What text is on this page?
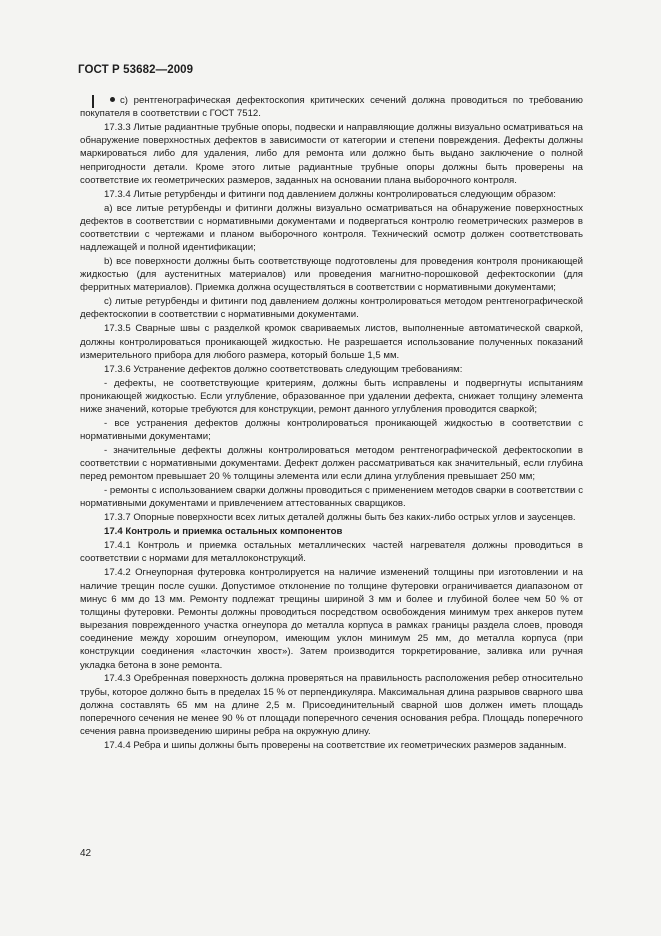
ГОСТ Р 53682—2009

с) рентгенографическая дефектоскопия критических сечений должна проводиться по требованию покупателя в соответствии с ГОСТ 7512.

17.3.3 Литые радиантные трубные опоры, подвески и направляющие должны визуально осматриваться на обнаружение поверхностных дефектов в зависимости от категории и степени повреждения. Дефекты должны маркироваться либо для удаления, либо для ремонта или должно быть выдано заключение о полной непригодности детали. Кроме этого литые радиантные трубные опоры должны быть проверены на соответствие их геометрических размеров, заданных на основании плана выборочного контроля.

17.3.4 Литые ретурбенды и фитинги под давлением должны контролироваться следующим образом:

а) все литые ретурбенды и фитинги должны визуально осматриваться на обнаружение поверхностных дефектов в соответствии с нормативными документами и подвергаться контролю геометрических размеров в соответствии с чертежами и планом выборочного контроля. Технический осмотр должен соответствовать надлежащей и полной идентификации;

b) все поверхности должны быть соответствующе подготовлены для проведения контроля проникающей жидкостью (для аустенитных материалов) или проведения магнитно-порошковой дефектоскопии (для ферритных материалов). Приемка должна осуществляться в соответствии с нормативными документами;

с) литые ретурбенды и фитинги под давлением должны контролироваться методом рентгенографической дефектоскопии в соответствии с нормативными документами.

17.3.5 Сварные швы с разделкой кромок свариваемых листов, выполненные автоматической сваркой, должны контролироваться проникающей жидкостью. Не разрешается использование полученных показаний измерительного прибора для любого размера, который больше 1,5 мм.

17.3.6 Устранение дефектов должно соответствовать следующим требованиям:

- дефекты, не соответствующие критериям, должны быть исправлены и подвергнуты испытаниям проникающей жидкостью. Если углубление, образованное при удалении дефекта, снижает толщину элемента ниже значений, которые требуются для конструкции, ремонт данного углубления проводится сваркой;

- все устранения дефектов должны контролироваться проникающей жидкостью в соответствии с нормативными документами;

- значительные дефекты должны контролироваться методом рентгенографической дефектоскопии в соответствии с нормативными документами. Дефект должен рассматриваться как значительный, если глубина перед ремонтом превышает 20 % толщины элемента или если длина углубления превышает 250 мм;

- ремонты с использованием сварки должны проводиться с применением методов сварки в соответствии с нормативными документами и привлечением аттестованных сварщиков.

17.3.7 Опорные поверхности всех литых деталей должны быть без каких-либо острых углов и заусенцев.

17.4 Контроль и приемка остальных компонентов

17.4.1 Контроль и приемка остальных металлических частей нагревателя должны проводиться в соответствии с нормами для металлоконструкций.

17.4.2 Огнеупорная футеровка контролируется на наличие изменений толщины при изготовлении и на наличие трещин после сушки. Допустимое отклонение по толщине футеровки ограничивается диапазоном от минус 6 мм до 13 мм. Ремонту подлежат трещины шириной 3 мм и более и глубиной более чем 50 % от толщины футеровки. Ремонты должны проводиться посредством освобождения минимум трех анкеров путем вырезания поврежденного участка огнеупора до металла корпуса в рамках границы раздела слоев, проводя соединение между хорошим огнеупором, имеющим уклон минимум 25 мм, до металла корпуса (при конструкции соединения «ласточкин хвост»). Затем производится торкретирование, заливка или ручная укладка бетона в зоне ремонта.

17.4.3 Оребренная поверхность должна проверяться на правильность расположения ребер относительно трубы, которое должно быть в пределах 15 % от перпендикуляра. Максимальная длина разрывов сварного шва должна составлять 65 мм на длине 2,5 м. Присоединительный сварной шов должен иметь площадь поперечного сечения не менее 90 % от площади поперечного сечения основания ребра. Площадь поперечного сечения равна произведению ширины ребра на окружную длину.

17.4.4 Ребра и шипы должны быть проверены на соответствие их геометрических размеров заданным.

42
